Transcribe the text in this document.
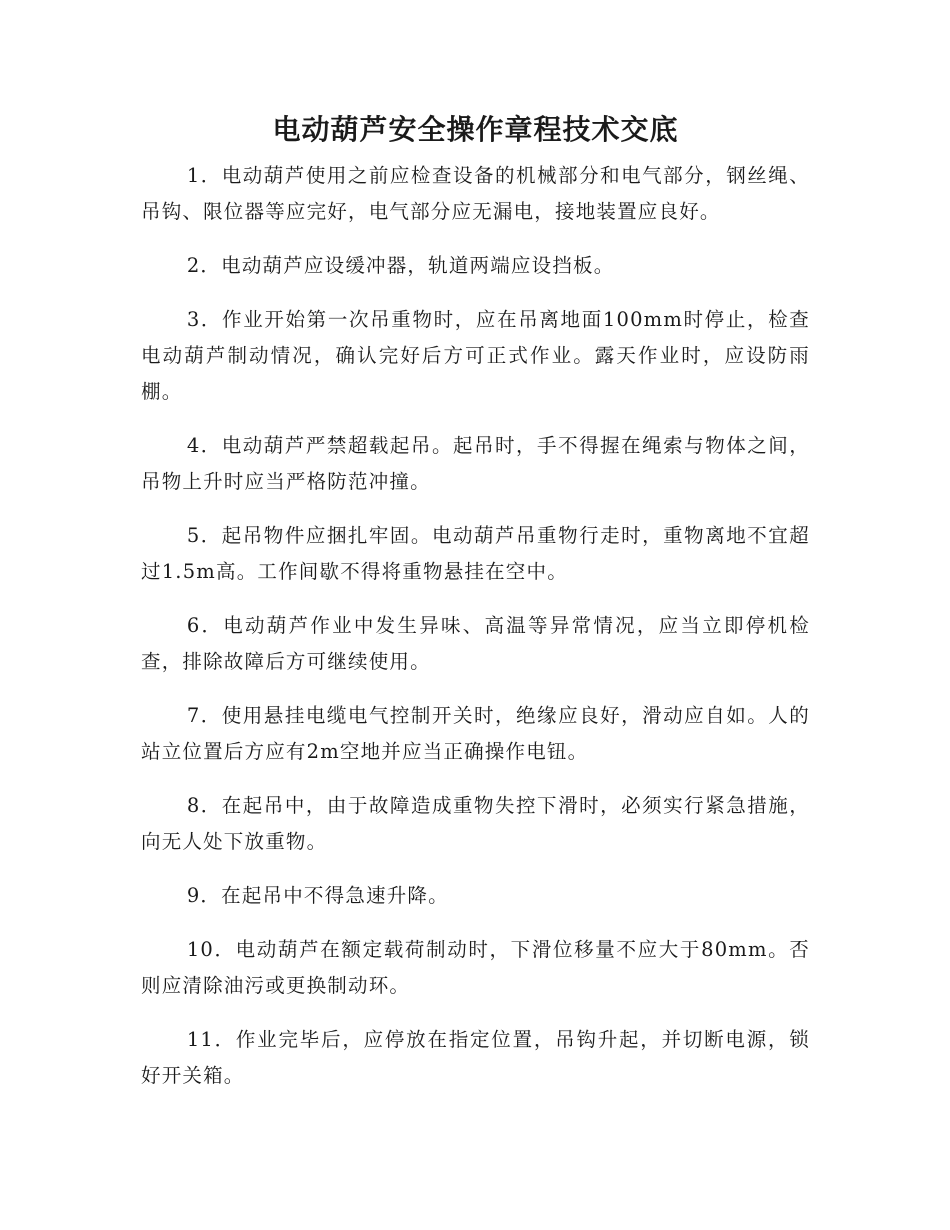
电动葫芦安全操作章程技术交底

1．电动葫芦使用之前应检查设备的机械部分和电气部分，钢丝绳、吊钩、限位器等应完好，电气部分应无漏电，接地装置应良好。

2．电动葫芦应设缓冲器，轨道两端应设挡板。

3．作业开始第一次吊重物时，应在吊离地面100mm时停止，检查电动葫芦制动情况，确认完好后方可正式作业。露天作业时，应设防雨棚。

4．电动葫芦严禁超载起吊。起吊时，手不得握在绳索与物体之间，吊物上升时应当严格防范冲撞。

5．起吊物件应捆扎牢固。电动葫芦吊重物行走时，重物离地不宜超过1.5m高。工作间歇不得将重物悬挂在空中。

6．电动葫芦作业中发生异味、高温等异常情况，应当立即停机检查，排除故障后方可继续使用。

7．使用悬挂电缆电气控制开关时，绝缘应良好，滑动应自如。人的站立位置后方应有2m空地并应当正确操作电钮。

8．在起吊中，由于故障造成重物失控下滑时，必须实行紧急措施，向无人处下放重物。

9．在起吊中不得急速升降。

10．电动葫芦在额定载荷制动时，下滑位移量不应大于80mm。否则应清除油污或更换制动环。

11．作业完毕后，应停放在指定位置，吊钩升起，并切断电源，锁好开关箱。
